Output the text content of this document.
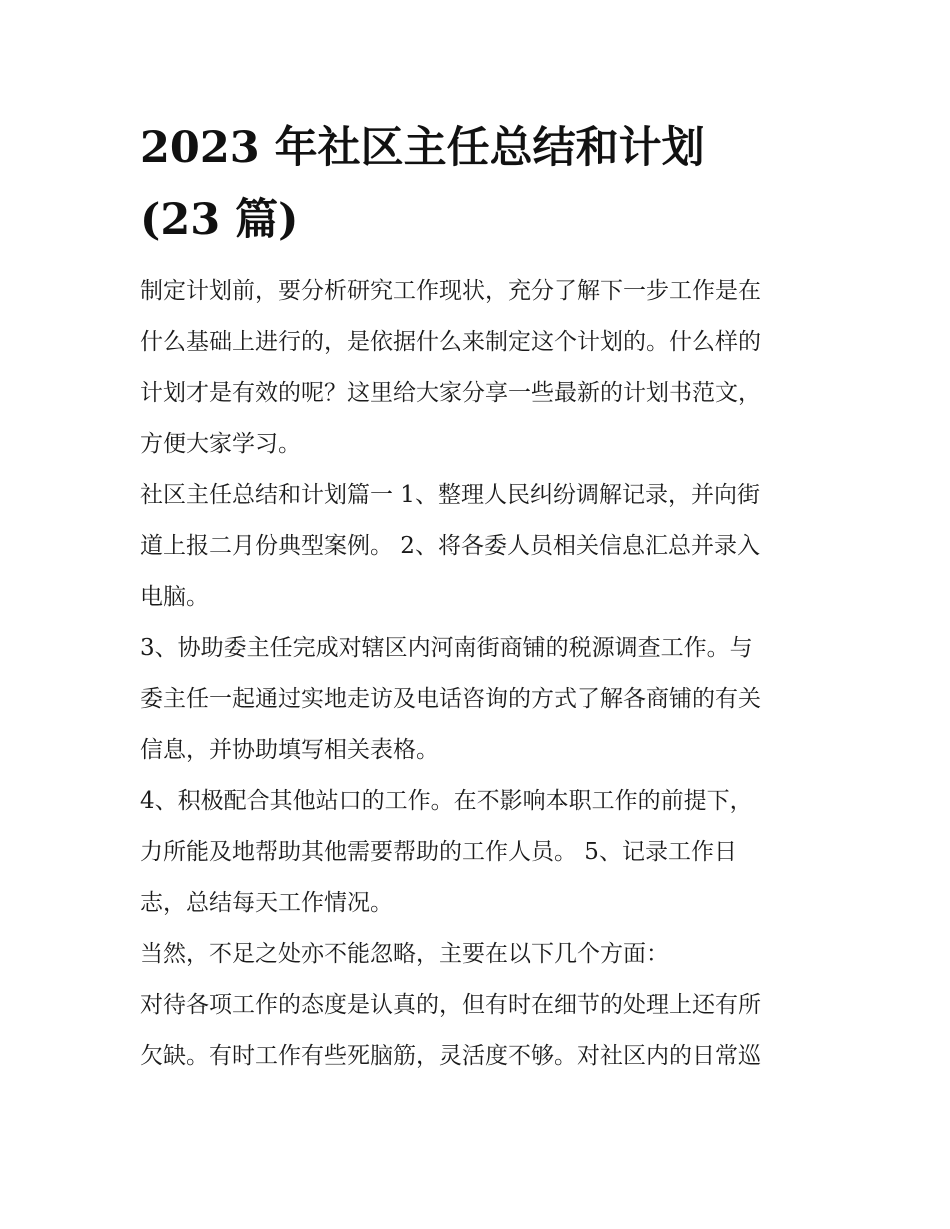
2023 年社区主任总结和计划
(23 篇)

制定计划前，要分析研究工作现状，充分了解下一步工作是在
什么基础上进行的，是依据什么来制定这个计划的。什么样的
计划才是有效的呢？这里给大家分享一些最新的计划书范文，
方便大家学习。

社区主任总结和计划篇一 1、整理人民纠纷调解记录，并向街
道上报二月份典型案例。 2、将各委人员相关信息汇总并录入
电脑。

3、协助委主任完成对辖区内河南街商铺的税源调查工作。与
委主任一起通过实地走访及电话咨询的方式了解各商铺的有关
信息，并协助填写相关表格。

4、积极配合其他站口的工作。在不影响本职工作的前提下，
力所能及地帮助其他需要帮助的工作人员。 5、记录工作日
志，总结每天工作情况。

当然，不足之处亦不能忽略，主要在以下几个方面：

对待各项工作的态度是认真的，但有时在细节的处理上还有所
欠缺。有时工作有些死脑筋，灵活度不够。对社区内的日常巡
